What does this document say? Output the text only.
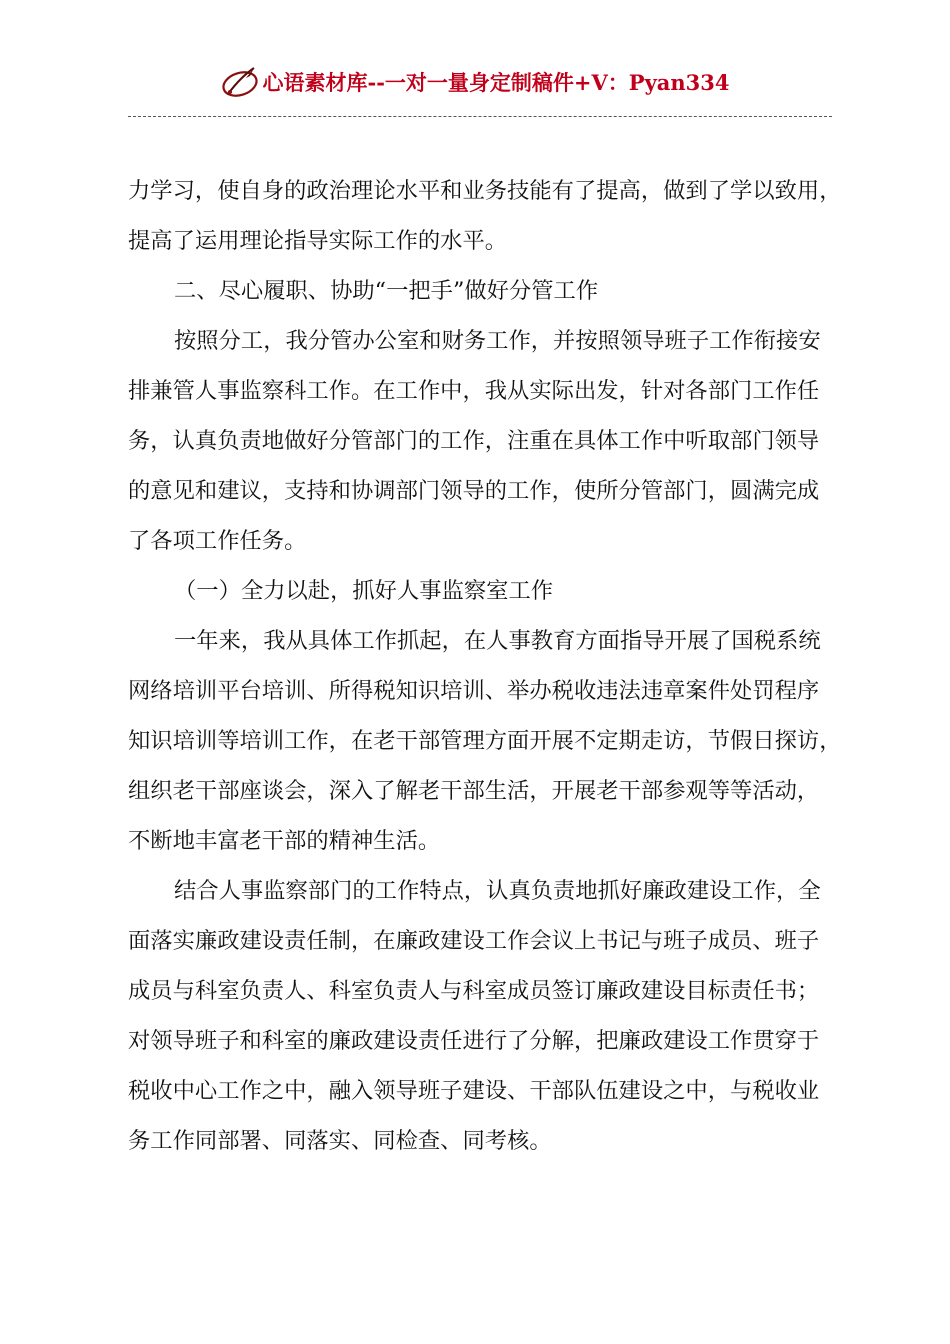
心语素材库--一对一量身定制稿件+V：Pyan334
力学习，使自身的政治理论水平和业务技能有了提高，做到了学以致用，
提高了运用理论指导实际工作的水平。
二、尽心履职、协助“一把手”做好分管工作
按照分工，我分管办公室和财务工作，并按照领导班子工作衔接安
排兼管人事监察科工作。在工作中，我从实际出发，针对各部门工作任
务，认真负责地做好分管部门的工作，注重在具体工作中听取部门领导
的意见和建议，支持和协调部门领导的工作，使所分管部门，圆满完成
了各项工作任务。
（一）全力以赴，抓好人事监察室工作
一年来，我从具体工作抓起，在人事教育方面指导开展了国税系统
网络培训平台培训、所得税知识培训、举办税收违法违章案件处罚程序
知识培训等培训工作，在老干部管理方面开展不定期走访，节假日探访，
组织老干部座谈会，深入了解老干部生活，开展老干部参观等等活动，
不断地丰富老干部的精神生活。
结合人事监察部门的工作特点，认真负责地抓好廉政建设工作，全
面落实廉政建设责任制，在廉政建设工作会议上书记与班子成员、班子
成员与科室负责人、科室负责人与科室成员签订廉政建设目标责任书；
对领导班子和科室的廉政建设责任进行了分解，把廉政建设工作贯穿于
税收中心工作之中，融入领导班子建设、干部队伍建设之中，与税收业
务工作同部署、同落实、同检查、同考核。
